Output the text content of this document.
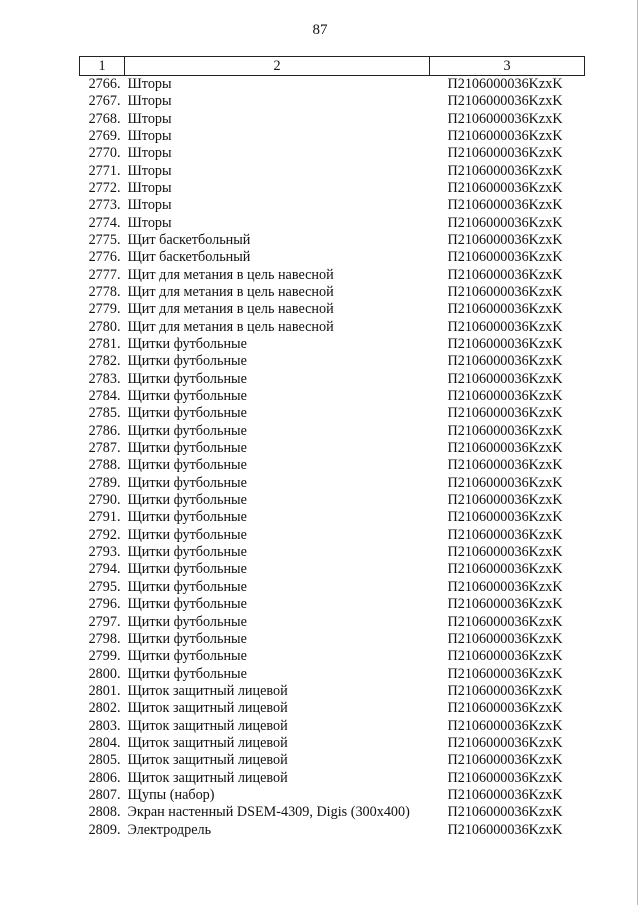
87
1	2	3
2766.	Шторы	П2106000036KzxK
2767.	Шторы	П2106000036KzxK
2768.	Шторы	П2106000036KzxK
2769.	Шторы	П2106000036KzxK
2770.	Шторы	П2106000036KzxK
2771.	Шторы	П2106000036KzxK
2772.	Шторы	П2106000036KzxK
2773.	Шторы	П2106000036KzxK
2774.	Шторы	П2106000036KzxK
2775.	Щит баскетбольный	П2106000036KzxK
2776.	Щит баскетбольный	П2106000036KzxK
2777.	Щит для метания в цель навесной	П2106000036KzxK
2778.	Щит для метания в цель навесной	П2106000036KzxK
2779.	Щит для метания в цель навесной	П2106000036KzxK
2780.	Щит для метания в цель навесной	П2106000036KzxK
2781.	Щитки футбольные	П2106000036KzxK
2782.	Щитки футбольные	П2106000036KzxK
2783.	Щитки футбольные	П2106000036KzxK
2784.	Щитки футбольные	П2106000036KzxK
2785.	Щитки футбольные	П2106000036KzxK
2786.	Щитки футбольные	П2106000036KzxK
2787.	Щитки футбольные	П2106000036KzxK
2788.	Щитки футбольные	П2106000036KzxK
2789.	Щитки футбольные	П2106000036KzxK
2790.	Щитки футбольные	П2106000036KzxK
2791.	Щитки футбольные	П2106000036KzxK
2792.	Щитки футбольные	П2106000036KzxK
2793.	Щитки футбольные	П2106000036KzxK
2794.	Щитки футбольные	П2106000036KzxK
2795.	Щитки футбольные	П2106000036KzxK
2796.	Щитки футбольные	П2106000036KzxK
2797.	Щитки футбольные	П2106000036KzxK
2798.	Щитки футбольные	П2106000036KzxK
2799.	Щитки футбольные	П2106000036KzxK
2800.	Щитки футбольные	П2106000036KzxK
2801.	Щиток защитный лицевой	П2106000036KzxK
2802.	Щиток защитный лицевой	П2106000036KzxK
2803.	Щиток защитный лицевой	П2106000036KzxK
2804.	Щиток защитный лицевой	П2106000036KzxK
2805.	Щиток защитный лицевой	П2106000036KzxK
2806.	Щиток защитный лицевой	П2106000036KzxK
2807.	Щупы (набор)	П2106000036KzxK
2808.	Экран настенный DSEM-4309, Digis (300x400)	П2106000036KzxK
2809.	Электродрель	П2106000036KzxK
